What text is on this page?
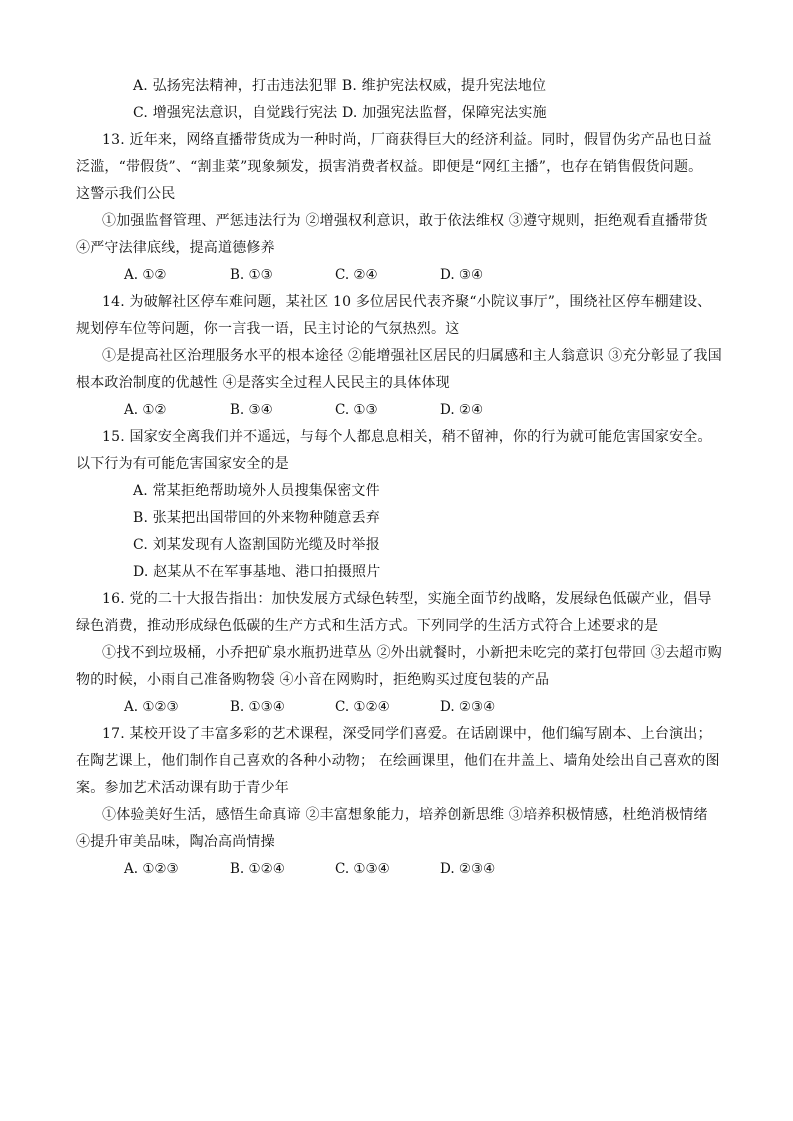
A. 弘扬宪法精神，打击违法犯罪 B. 维护宪法权威，提升宪法地位
C. 增强宪法意识，自觉践行宪法 D. 加强宪法监督，保障宪法实施
13. 近年来，网络直播带货成为一种时尚，厂商获得巨大的经济利益。同时，假冒伪劣产品也日益
泛滥，“带假货”、“割韭菜”现象频发，损害消费者权益。即便是“网红主播”，也存在销售假货问题。
这警示我们公民
①加强监督管理、严惩违法行为 ②增强权利意识，敢于依法维权 ③遵守规则，拒绝观看直播带货
④严守法律底线，提高道德修养
A. ①②	B. ①③	C. ②④	D. ③④
14. 为破解社区停车难问题，某社区 10 多位居民代表齐聚“小院议事厅”，围绕社区停车棚建设、
规划停车位等问题，你一言我一语，民主讨论的气氛热烈。这
①是提高社区治理服务水平的根本途径 ②能增强社区居民的归属感和主人翁意识 ③充分彰显了我国
根本政治制度的优越性 ④是落实全过程人民民主的具体体现
A. ①②	B. ③④	C. ①③	D. ②④
15. 国家安全离我们并不遥远，与每个人都息息相关，稍不留神，你的行为就可能危害国家安全。
以下行为有可能危害国家安全的是
A. 常某拒绝帮助境外人员搜集保密文件
B. 张某把出国带回的外来物种随意丢弃
C. 刘某发现有人盗割国防光缆及时举报
D. 赵某从不在军事基地、港口拍摄照片
16. 党的二十大报告指出：加快发展方式绿色转型，实施全面节约战略，发展绿色低碳产业，倡导
绿色消费，推动形成绿色低碳的生产方式和生活方式。下列同学的生活方式符合上述要求的是
①找不到垃圾桶，小乔把矿泉水瓶扔进草丛 ②外出就餐时，小新把未吃完的菜打包带回 ③去超市购
物的时候，小雨自己准备购物袋 ④小音在网购时，拒绝购买过度包装的产品
A. ①②③	B. ①③④	C. ①②④	D. ②③④
17. 某校开设了丰富多彩的艺术课程，深受同学们喜爱。在话剧课中，他们编写剧本、上台演出；
在陶艺课上，他们制作自己喜欢的各种小动物； 在绘画课里，他们在井盖上、墙角处绘出自己喜欢的图
案。参加艺术活动课有助于青少年
①体验美好生活，感悟生命真谛 ②丰富想象能力，培养创新思维 ③培养积极情感，杜绝消极情绪
④提升审美品味，陶冶高尚情操
A. ①②③	B. ①②④	C. ①③④	D. ②③④
